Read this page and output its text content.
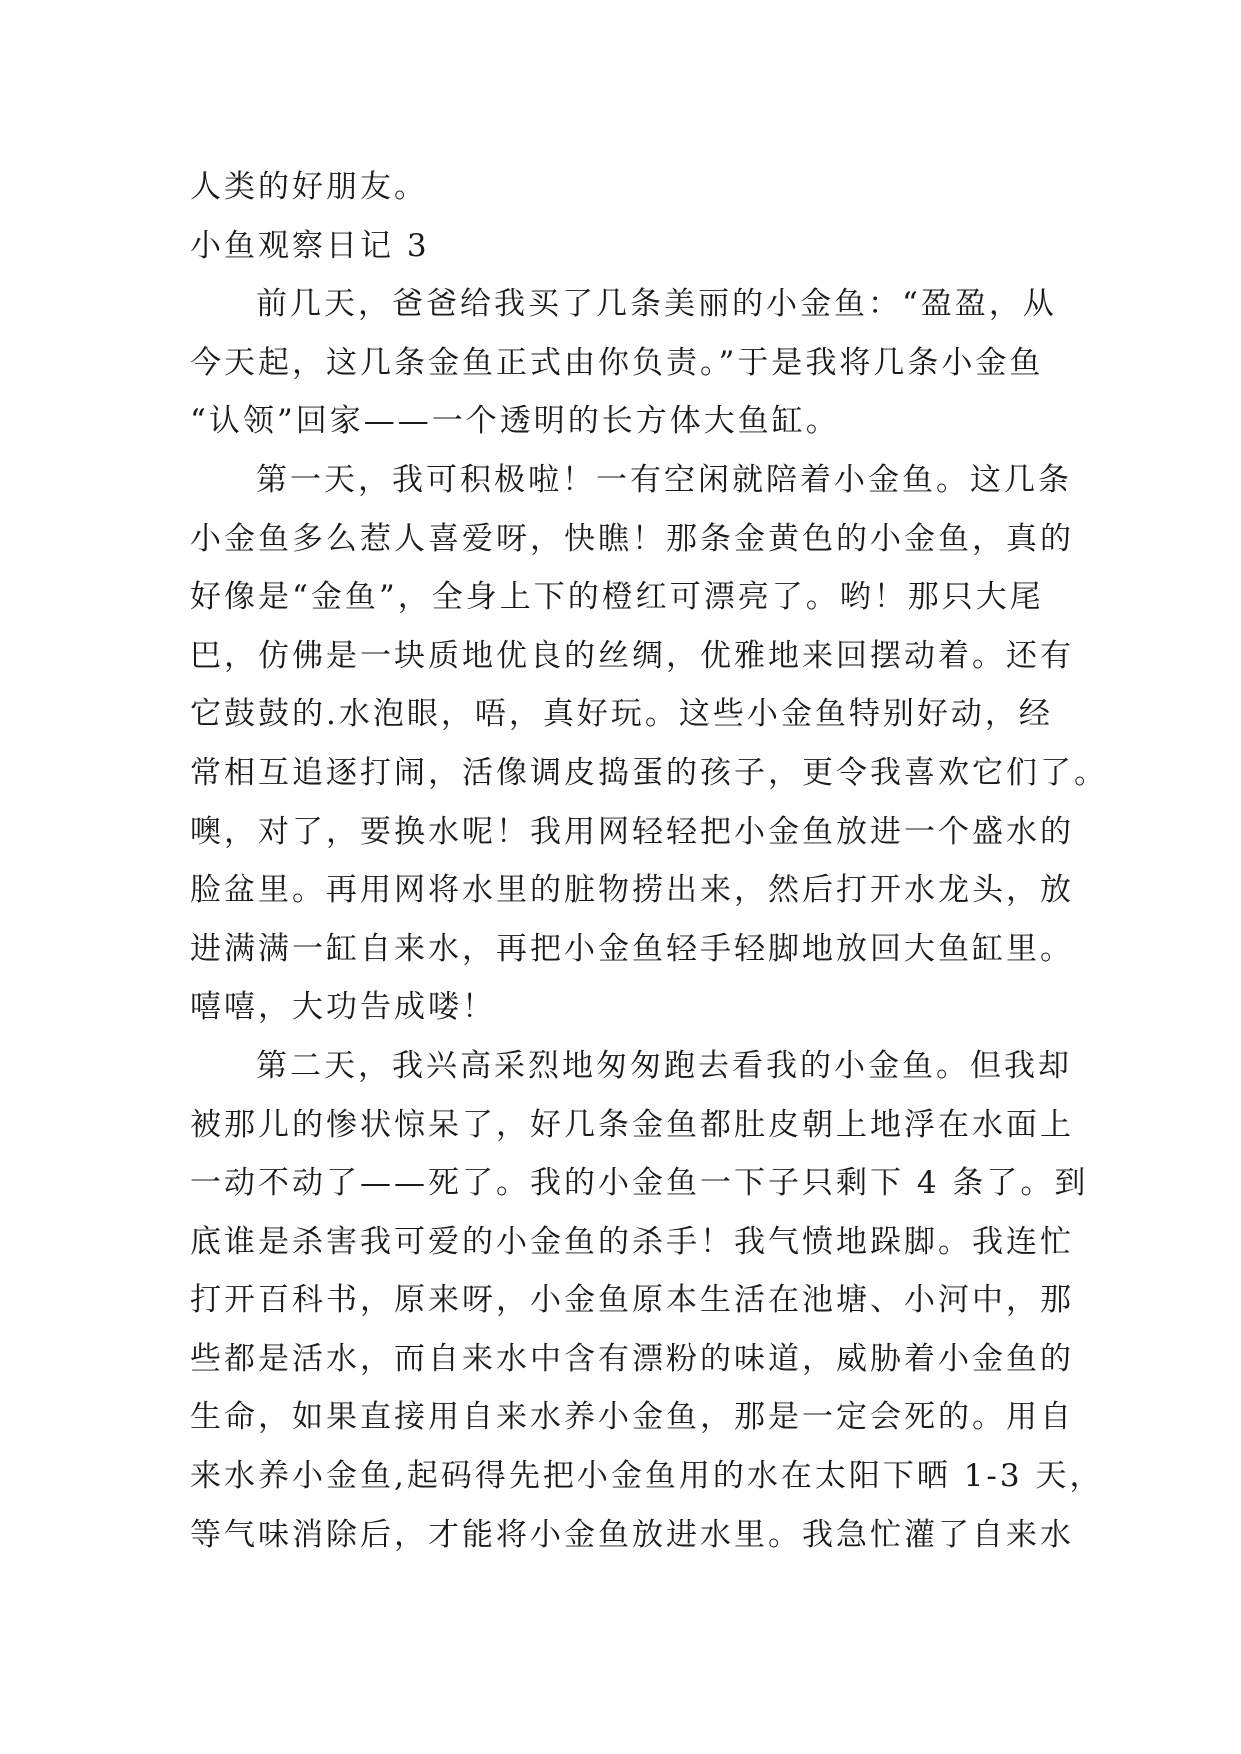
人类的好朋友。
小鱼观察日记 3
前几天，爸爸给我买了几条美丽的小金鱼：“盈盈，从
今天起，这几条金鱼正式由你负责。”于是我将几条小金鱼
“认领”回家——一个透明的长方体大鱼缸。
第一天，我可积极啦！一有空闲就陪着小金鱼。这几条
小金鱼多么惹人喜爱呀，快瞧！那条金黄色的小金鱼，真的
好像是“金鱼”，全身上下的橙红可漂亮了。哟！那只大尾
巴，仿佛是一块质地优良的丝绸，优雅地来回摆动着。还有
它鼓鼓的.水泡眼，唔，真好玩。这些小金鱼特别好动，经
常相互追逐打闹，活像调皮捣蛋的孩子，更令我喜欢它们了。
噢，对了，要换水呢！我用网轻轻把小金鱼放进一个盛水的
脸盆里。再用网将水里的脏物捞出来，然后打开水龙头，放
进满满一缸自来水，再把小金鱼轻手轻脚地放回大鱼缸里。
嘻嘻，大功告成喽！
第二天，我兴高采烈地匆匆跑去看我的小金鱼。但我却
被那儿的惨状惊呆了，好几条金鱼都肚皮朝上地浮在水面上
一动不动了——死了。我的小金鱼一下子只剩下 4 条了。到
底谁是杀害我可爱的小金鱼的杀手！我气愤地跺脚。我连忙
打开百科书，原来呀，小金鱼原本生活在池塘、小河中，那
些都是活水，而自来水中含有漂粉的味道，威胁着小金鱼的
生命，如果直接用自来水养小金鱼，那是一定会死的。用自
来水养小金鱼,起码得先把小金鱼用的水在太阳下晒 1-3 天，
等气味消除后，才能将小金鱼放进水里。我急忙灌了自来水
